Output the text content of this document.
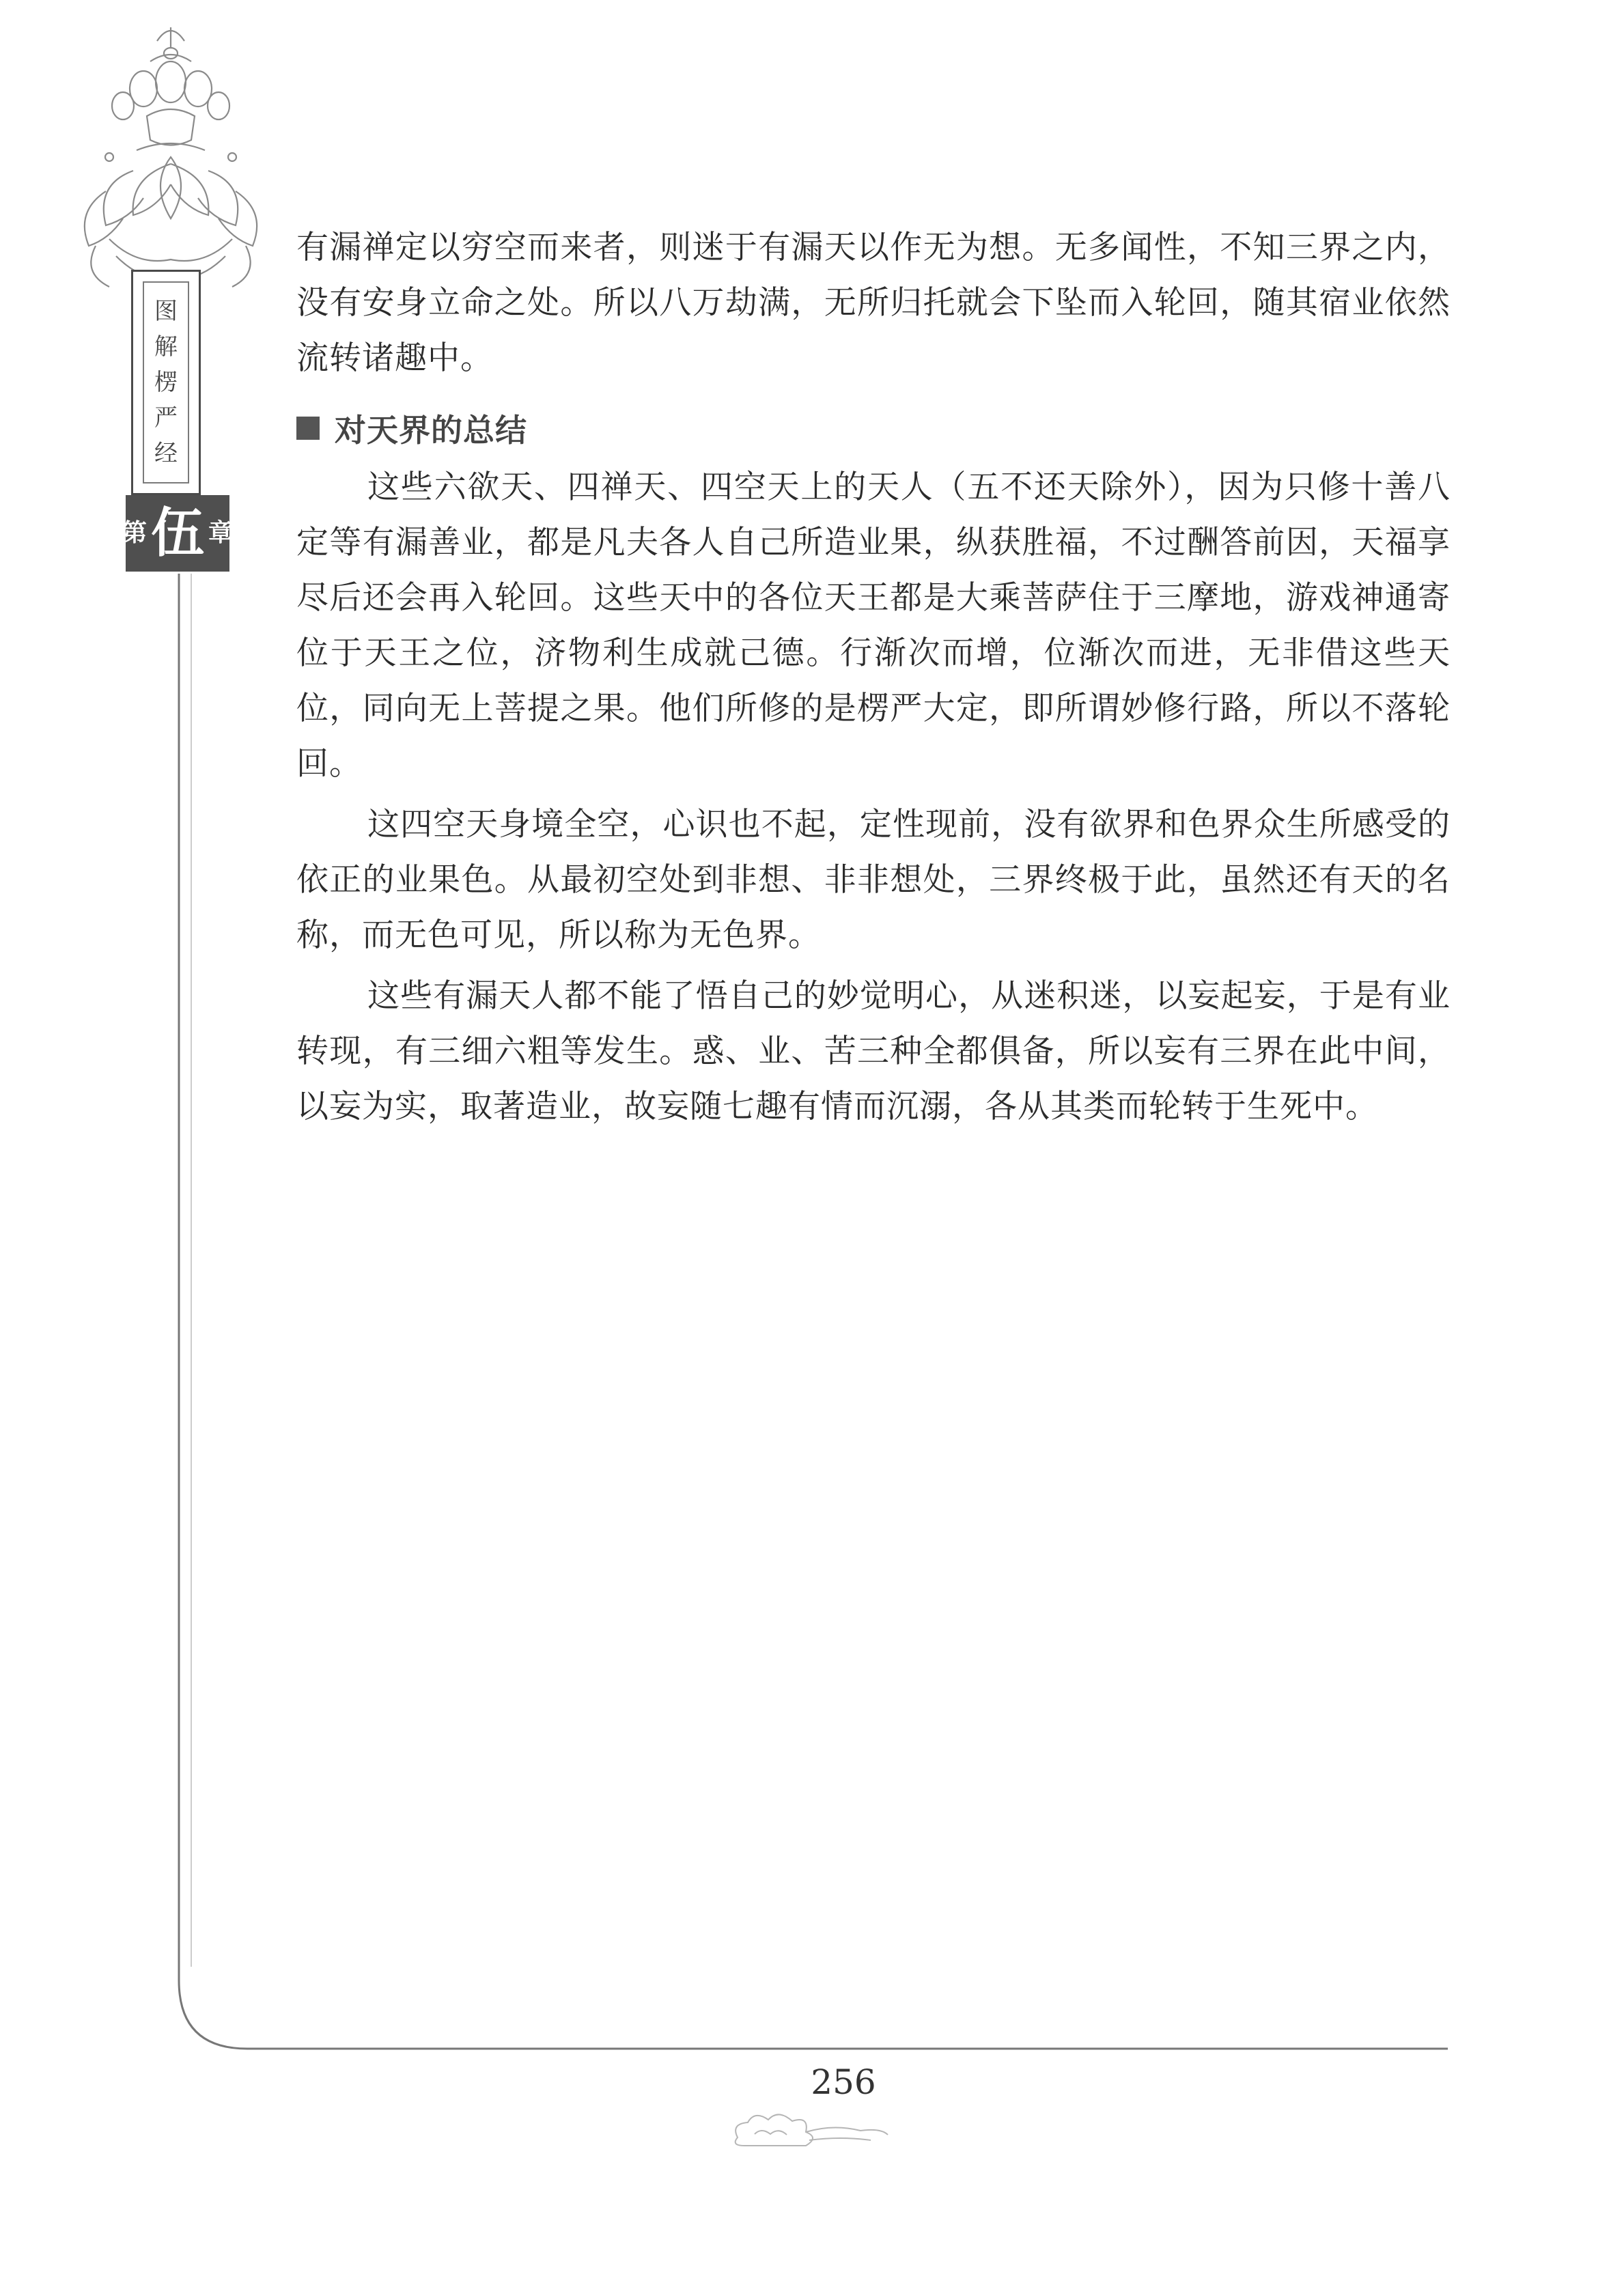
图
解
楞
严
经
第 伍 章

有漏禅定以穷空而来者，则迷于有漏天以作无为想。无多闻性，不知三界之内，没有安身立命之处。所以八万劫满，无所归托就会下坠而入轮回，随其宿业依然流转诸趣中。

对天界的总结

这些六欲天、四禅天、四空天上的天人（五不还天除外），因为只修十善八定等有漏善业，都是凡夫各人自己所造业果，纵获胜福，不过酬答前因，天福享尽后还会再入轮回。这些天中的各位天王都是大乘菩萨住于三摩地，游戏神通寄位于天王之位，济物利生成就己德。行渐次而增，位渐次而进，无非借这些天位，同向无上菩提之果。他们所修的是楞严大定，即所谓妙修行路，所以不落轮回。

这四空天身境全空，心识也不起，定性现前，没有欲界和色界众生所感受的依正的业果色。从最初空处到非想、非非想处，三界终极于此，虽然还有天的名称，而无色可见，所以称为无色界。

这些有漏天人都不能了悟自己的妙觉明心，从迷积迷，以妄起妄，于是有业转现，有三细六粗等发生。惑、业、苦三种全都俱备，所以妄有三界在此中间，以妄为实，取著造业，故妄随七趣有情而沉溺，各从其类而轮转于生死中。

256
